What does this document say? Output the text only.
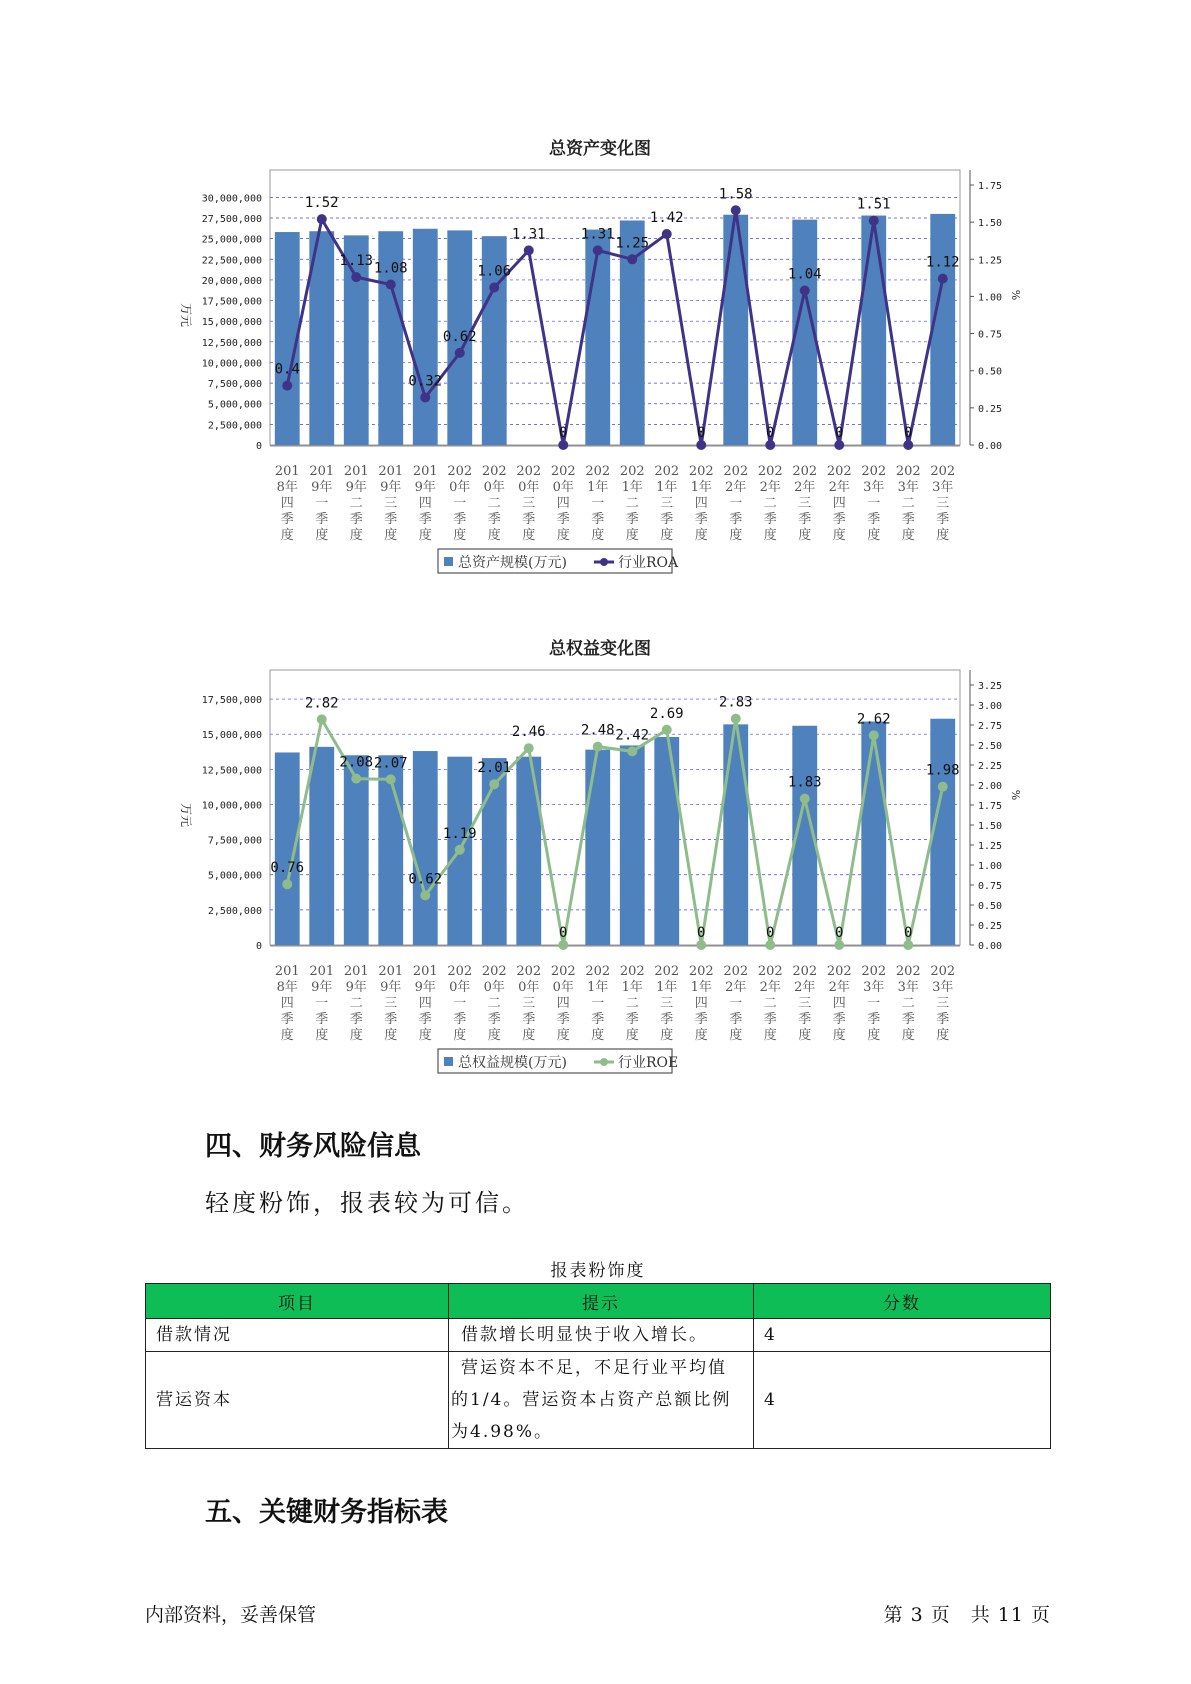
总资产变化图
0
2,500,000
5,000,000
7,500,000
10,000,000
12,500,000
15,000,000
17,500,000
20,000,000
22,500,000
25,000,000
27,500,000
30,000,000
0.00
0.25
0.50
0.75
1.00
1.25
1.50
1.75
万元
%
201
8年
四
季
度
201
9年
一
季
度
201
9年
二
季
度
201
9年
三
季
度
201
9年
四
季
度
202
0年
一
季
度
202
0年
二
季
度
202
0年
三
季
度
202
0年
四
季
度
202
1年
一
季
度
202
1年
二
季
度
202
1年
三
季
度
202
1年
四
季
度
202
2年
一
季
度
202
2年
二
季
度
202
2年
三
季
度
202
2年
四
季
度
202
3年
一
季
度
202
3年
二
季
度
202
3年
三
季
度
0.4
1.52
1.13 1.08
0.32
0.62
1.06
1.31
0
1.31
1.25
1.42
0
1.58
0
1.04
0
1.51
0
1.12
总资产规模(万元)	行业ROA
总权益变化图
0
2,500,000
5,000,000
7,500,000
10,000,000
12,500,000
15,000,000
17,500,000
0.00
0.25
0.50
0.75
1.00
1.25
1.50
1.75
2.00
2.25
2.50
2.75
3.00
3.25
万元
%
201
8年
四
季
度
201
9年
一
季
度
201
9年
二
季
度
201
9年
三
季
度
201
9年
四
季
度
202
0年
一
季
度
202
0年
二
季
度
202
0年
三
季
度
202
0年
四
季
度
202
1年
一
季
度
202
1年
二
季
度
202
1年
三
季
度
202
1年
四
季
度
202
2年
一
季
度
202
2年
二
季
度
202
2年
三
季
度
202
2年
四
季
度
202
3年
一
季
度
202
3年
二
季
度
202
3年
三
季
度
0.76
2.82
2.08 2.07
0.62
1.19
2.01
2.46
0
2.48 2.42
2.69
0
2.83
0
1.83
0
2.62
0
1.98
总权益规模(万元)	行业ROE
四、财务风险信息

轻度粉饰，报表较为可信。

报表粉饰度
项目	提示	分数
借款情况	借款增长明显快于收入增长。	4
营运资本	营运资本不足，不足行业平均值
的1/4。营运资本占资产总额比例
为4.98%。	4
五、关键财务指标表
内部资料，妥善保管	第 3 页　共 11 页
